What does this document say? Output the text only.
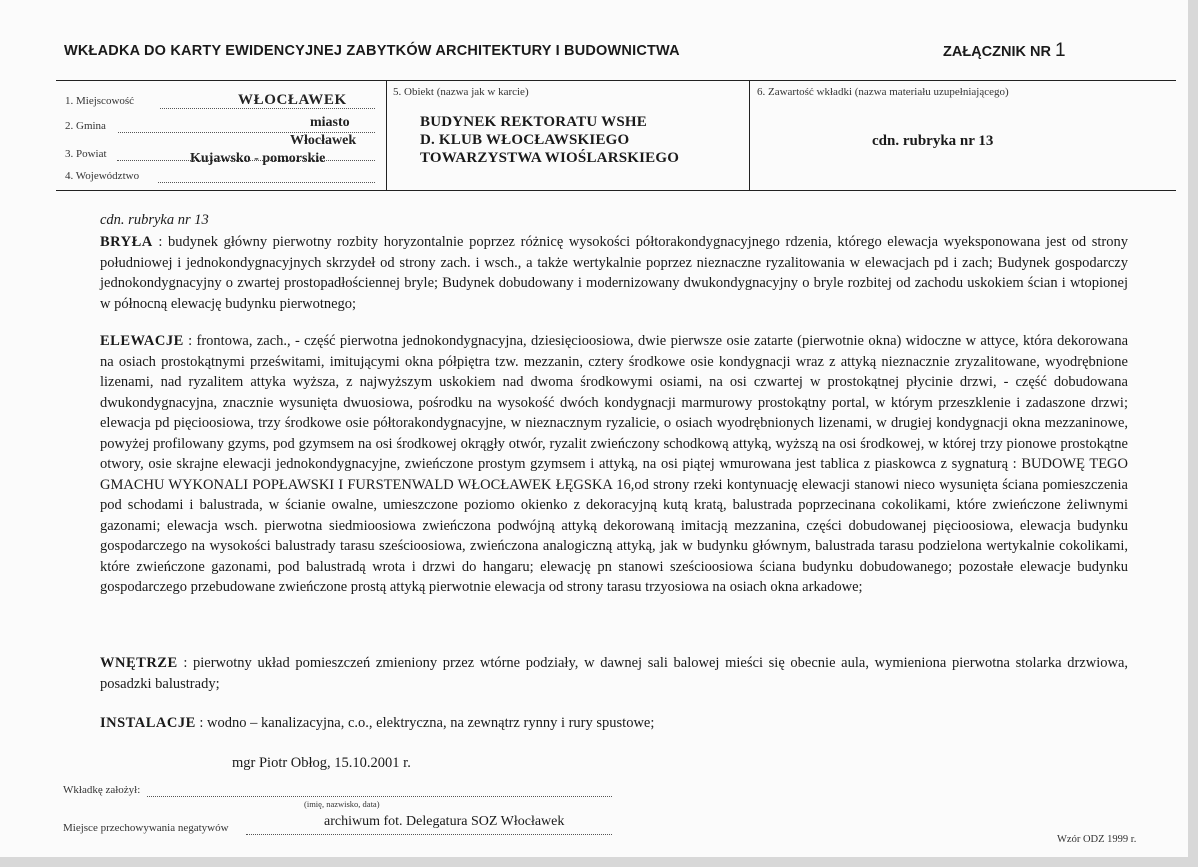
WKŁADKA DO KARTY EWIDENCYJNEJ ZABYTKÓW ARCHITEKTURY I BUDOWNICTWA	ZAŁĄCZNIK NR 1
1. Miejscowość	WŁOCŁAWEK
2. Gmina	miasto
Włocławek
3. Powiat	Kujawsko - pomorskie
4. Województwo
5. Obiekt (nazwa jak w karcie)
BUDYNEK REKTORATU WSHE
D. KLUB WŁOCŁAWSKIEGO
TOWARZYSTWA WIOŚLARSKIEGO
6. Zawartość wkładki (nazwa materiału uzupełniającego)
cdn. rubryka nr 13
cdn. rubryka nr 13
BRYŁA : budynek główny pierwotny rozbity horyzontalnie poprzez różnicę wysokości półtorakondygnacyjnego rdzenia, którego elewacja wyeksponowana jest od strony południowej i jednokondygnacyjnych skrzydeł od strony zach. i wsch., a także wertykalnie poprzez nieznaczne ryzalitowania w elewacjach pd i zach; Budynek gospodarczy jednokondygnacyjny o zwartej prostopadłościennej bryle; Budynek dobudowany i modernizowany dwukondygnacyjny o bryle rozbitej od zachodu uskokiem ścian i wtopionej w północną elewację budynku pierwotnego;
ELEWACJE : frontowa, zach., - część pierwotna jednokondygnacyjna, dziesięcioosiowa, dwie pierwsze osie zatarte (pierwotnie okna) widoczne w attyce, która dekorowana na osiach prostokątnymi prześwitami, imitującymi okna półpiętra tzw. mezzanin, cztery środkowe osie kondygnacji wraz z attyką nieznacznie zryzalitowane, wyodrębnione lizenami, nad ryzalitem attyka wyższa, z najwyższym uskokiem nad dwoma środkowymi osiami, na osi czwartej w prostokątnej płycinie drzwi, - część dobudowana dwukondygnacyjna, znacznie wysunięta dwuosiowa, pośrodku na wysokość dwóch kondygnacji marmurowy prostokątny portal, w którym przeszklenie i zadaszone drzwi; elewacja pd pięcioosiowa, trzy środkowe osie półtorakondygnacyjne, w nieznacznym ryzalicie, o osiach wyodrębnionych lizenami, w drugiej kondygnacji okna mezzaninowe, powyżej profilowany gzyms, pod gzymsem na osi środkowej okrągły otwór, ryzalit zwieńczony schodkową attyką, wyższą na osi środkowej, w której trzy pionowe prostokątne otwory, osie skrajne elewacji jednokondygnacyjne, zwieńczone prostym gzymsem i attyką, na osi piątej wmurowana jest tablica z piaskowca z sygnaturą : BUDOWĘ TEGO GMACHU WYKONALI POPŁAWSKI I FURSTENWALD WŁOCŁAWEK ŁĘGSKA 16,od strony rzeki kontynuację elewacji stanowi nieco wysunięta ściana pomieszczenia pod schodami i balustrada, w ścianie owalne, umieszczone poziomo okienko z dekoracyjną kutą kratą, balustrada poprzecinana cokolikami, które zwieńczone żeliwnymi gazonami; elewacja wsch. pierwotna siedmioosiowa zwieńczona podwójną attyką dekorowaną imitacją mezzanina, części dobudowanej pięcioosiowa, elewacja budynku gospodarczego na wysokości balustrady tarasu sześcioosiowa, zwieńczona analogiczną attyką, jak w budynku głównym, balustrada tarasu podzielona wertykalnie cokolikami, które zwieńczone gazonami, pod balustradą wrota i drzwi do hangaru; elewację pn stanowi sześcioosiowa ściana budynku dobudowanego; pozostałe elewacje budynku gospodarczego przebudowane zwieńczone prostą attyką pierwotnie elewacja od strony tarasu trzyosiowa na osiach okna arkadowe;
WNĘTRZE : pierwotny układ pomieszczeń zmieniony przez wtórne podziały, w dawnej sali balowej mieści się obecnie aula, wymieniona pierwotna stolarka drzwiowa, posadzki balustrady;
INSTALACJE : wodno – kanalizacyjna, c.o., elektryczna, na zewnątrz rynny i rury spustowe;
mgr Piotr Obłog, 15.10.2001 r.
Wkładkę założył:
(imię, nazwisko, data)
Miejsce przechowywania negatywów	archiwum fot. Delegatura SOZ Włocławek
Wzór ODZ 1999 r.
